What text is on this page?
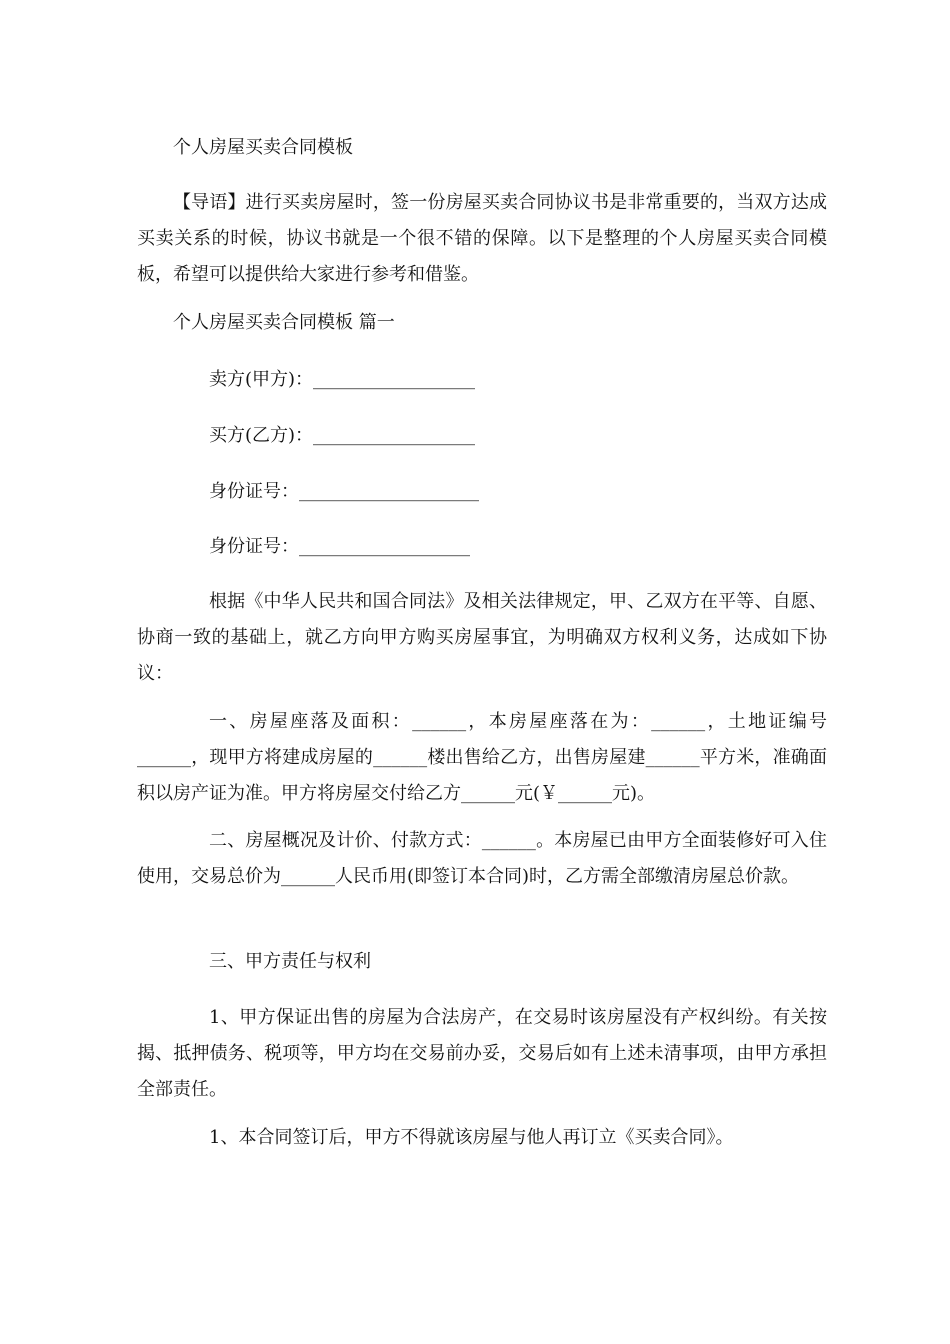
个人房屋买卖合同模板
【导语】进行买卖房屋时，签一份房屋买卖合同协议书是非常重要的，当双方达成买卖关系的时候，协议书就是一个很不错的保障。以下是整理的个人房屋买卖合同模板，希望可以提供给大家进行参考和借鉴。
个人房屋买卖合同模板 篇一
卖方(甲方)：__________________
买方(乙方)：__________________
身份证号：____________________
身份证号：___________________
根据《中华人民共和国合同法》及相关法律规定，甲、乙双方在平等、自愿、协商一致的基础上，就乙方向甲方购买房屋事宜，为明确双方权利义务，达成如下协议：
一、房屋座落及面积：______，本房屋座落在为：______，土地证编号______，现甲方将建成房屋的______楼出售给乙方，出售房屋建______平方米，准确面积以房产证为准。甲方将房屋交付给乙方______元(￥______元)。
二、房屋概况及计价、付款方式：______。本房屋已由甲方全面装修好可入住使用，交易总价为______人民币用(即签订本合同)时，乙方需全部缴清房屋总价款。
三、甲方责任与权利
1、甲方保证出售的房屋为合法房产，在交易时该房屋没有产权纠纷。有关按揭、抵押债务、税项等，甲方均在交易前办妥，交易后如有上述未清事项，由甲方承担全部责任。
1、本合同签订后，甲方不得就该房屋与他人再订立《买卖合同》。
